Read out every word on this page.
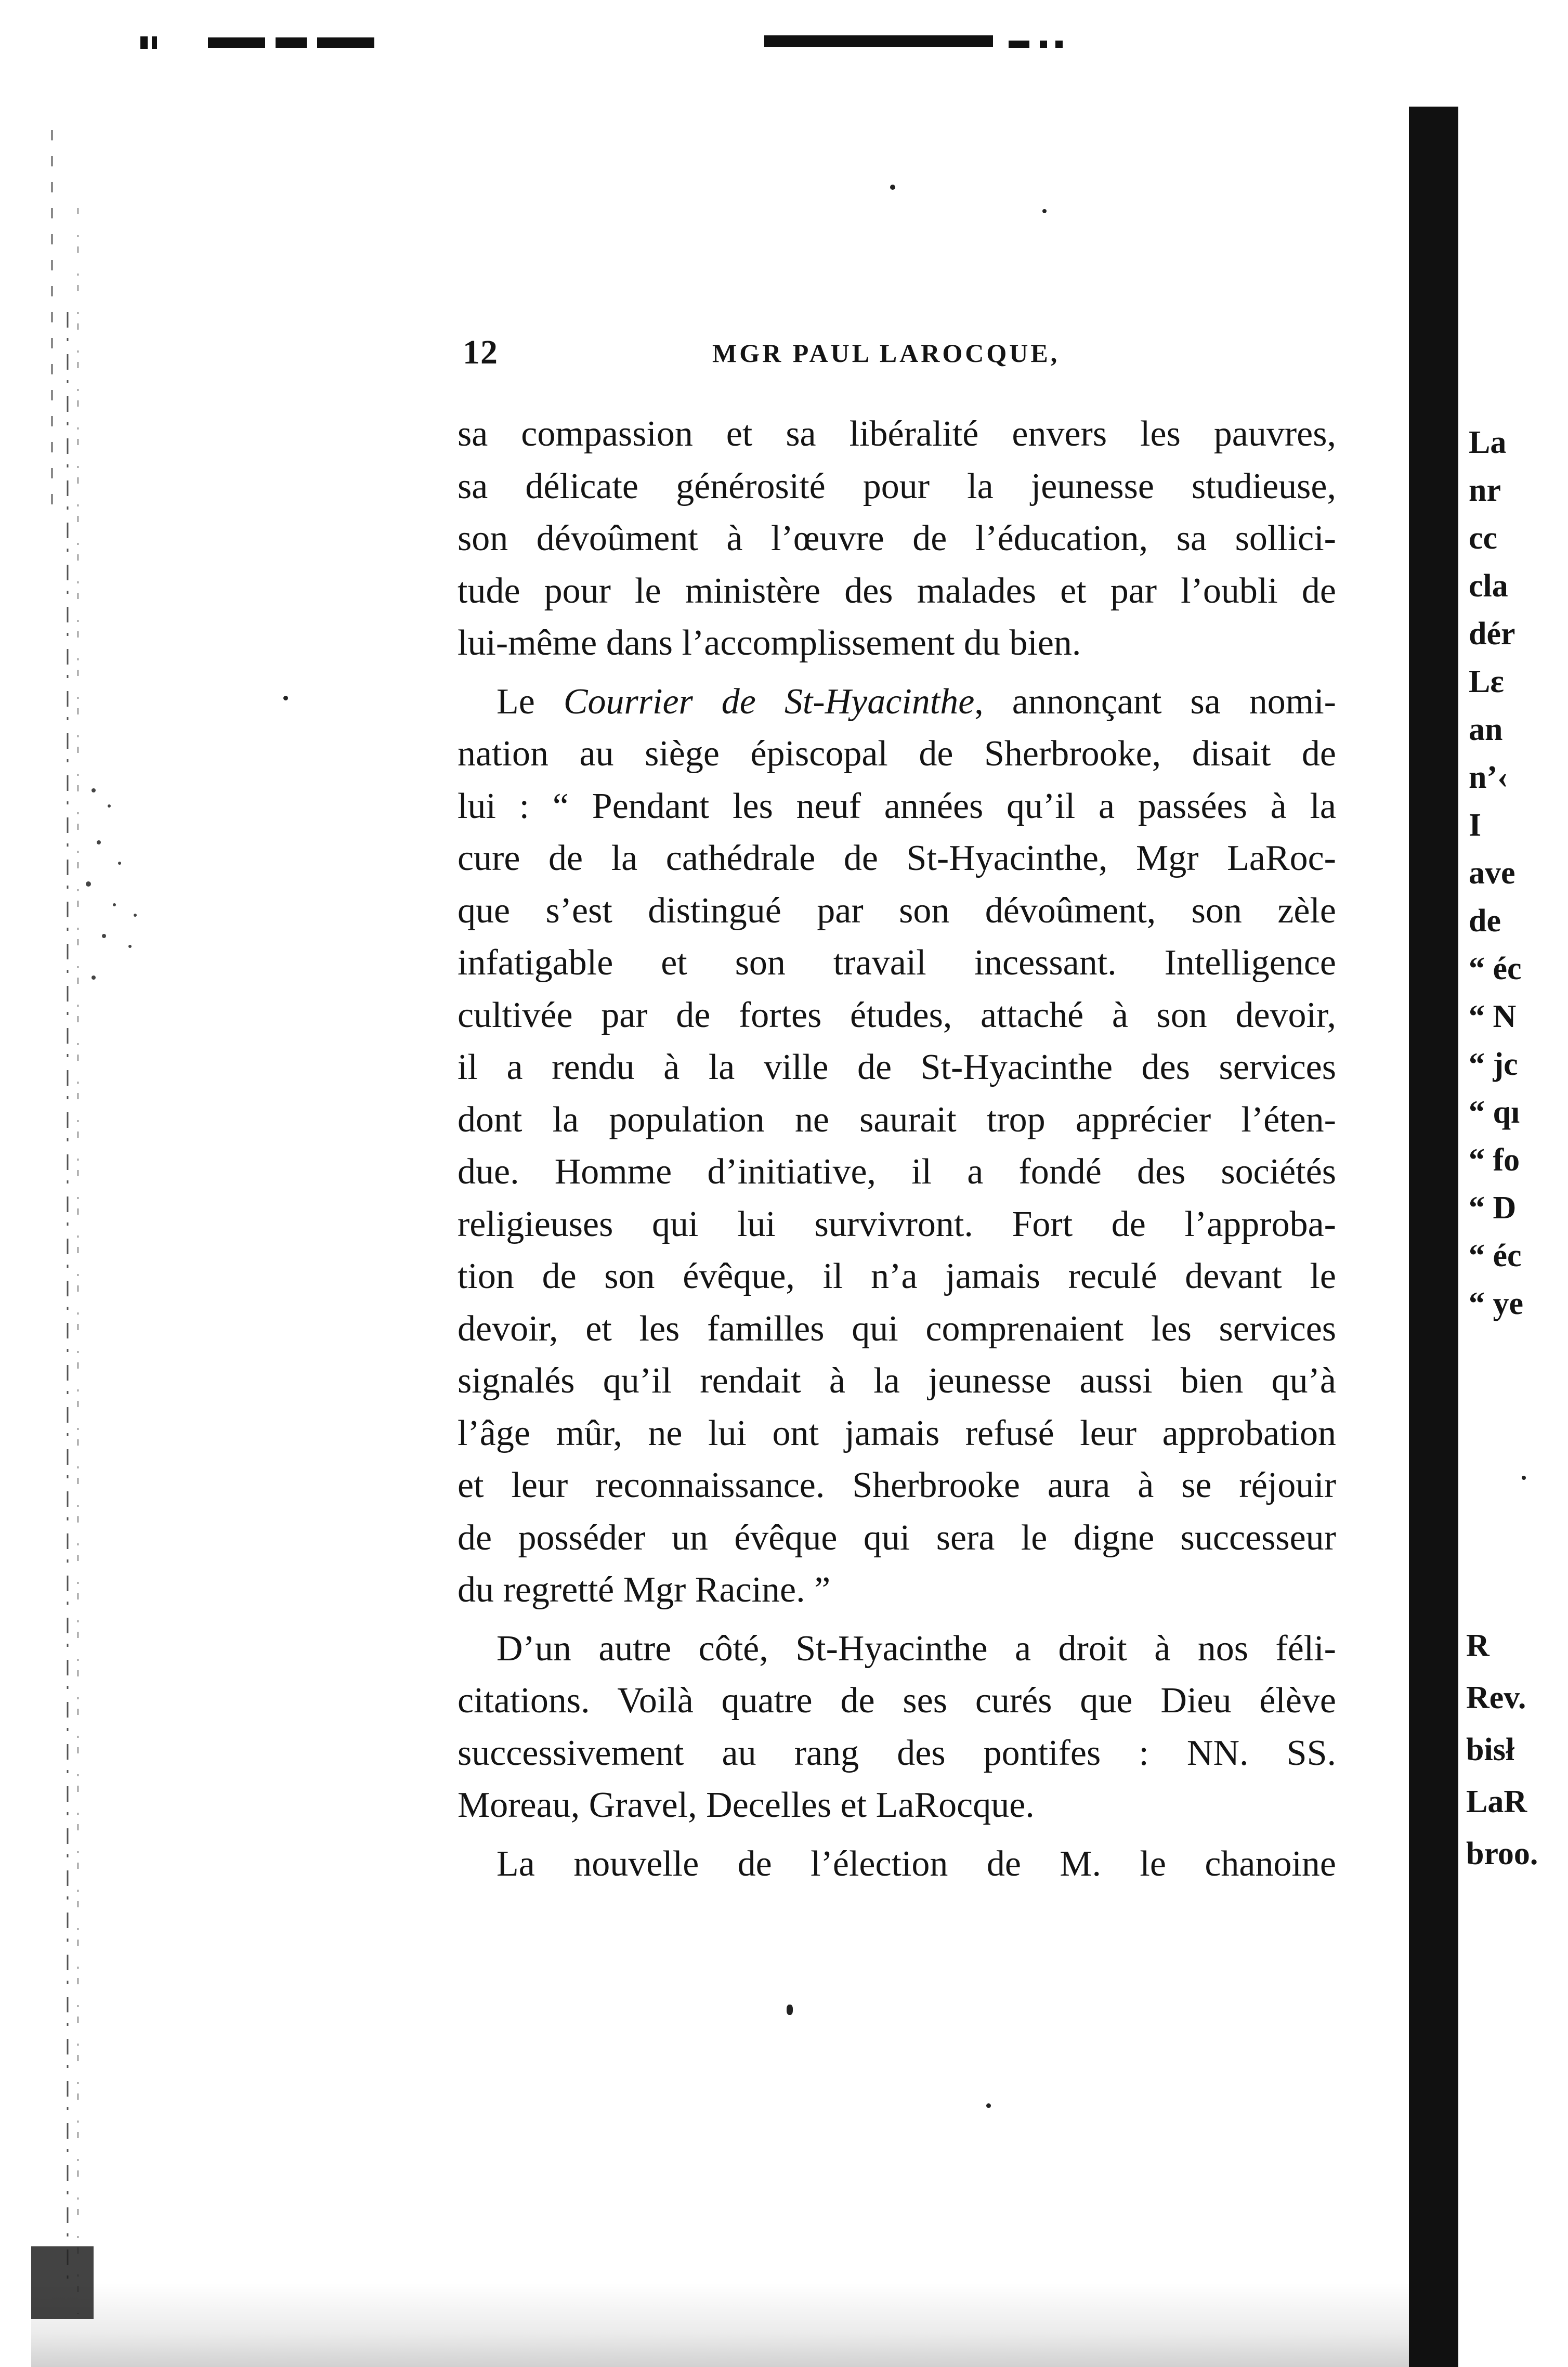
12	MGR PAUL LAROCQUE,

sa compassion et sa libéralité envers les pauvres,
sa délicate générosité pour la jeunesse studieuse,
son dévoûment à l’œuvre de l’éducation, sa sollici-
tude pour le ministère des malades et par l’oubli de
lui-même dans l’accomplissement du bien.

Le Courrier de St-Hyacinthe, annonçant sa nomi-
nation au siège épiscopal de Sherbrooke, disait de
lui : “ Pendant les neuf années qu’il a passées à la
cure de la cathédrale de St-Hyacinthe, Mgr LaRoc-
que s’est distingué par son dévoûment, son zèle
infatigable et son travail incessant. Intelligence
cultivée par de fortes études, attaché à son devoir,
il a rendu à la ville de St-Hyacinthe des services
dont la population ne saurait trop apprécier l’éten-
due. Homme d’initiative, il a fondé des sociétés
religieuses qui lui survivront. Fort de l’approba-
tion de son évêque, il n’a jamais reculé devant le
devoir, et les familles qui comprenaient les services
signalés qu’il rendait à la jeunesse aussi bien qu’à
l’âge mûr, ne lui ont jamais refusé leur approbation
et leur reconnaissance. Sherbrooke aura à se réjouir
de posséder un évêque qui sera le digne successeur
du regretté Mgr Racine. ”

D’un autre côté, St-Hyacinthe a droit à nos féli-
citations. Voilà quatre de ses curés que Dieu élève
successivement au rang des pontifes : NN. SS.
Moreau, Gravel, Decelles et LaRocque.

La nouvelle de l’élection de M. le chanoine

La
nr
cc
cla
dér
Lε
an
n’‹
I
ave
de
“ éc
“ N
“ jc
“ qı
“ fo
“ D
“ éc
“ ye
R
Rev.
bisł
LaR
broo.
